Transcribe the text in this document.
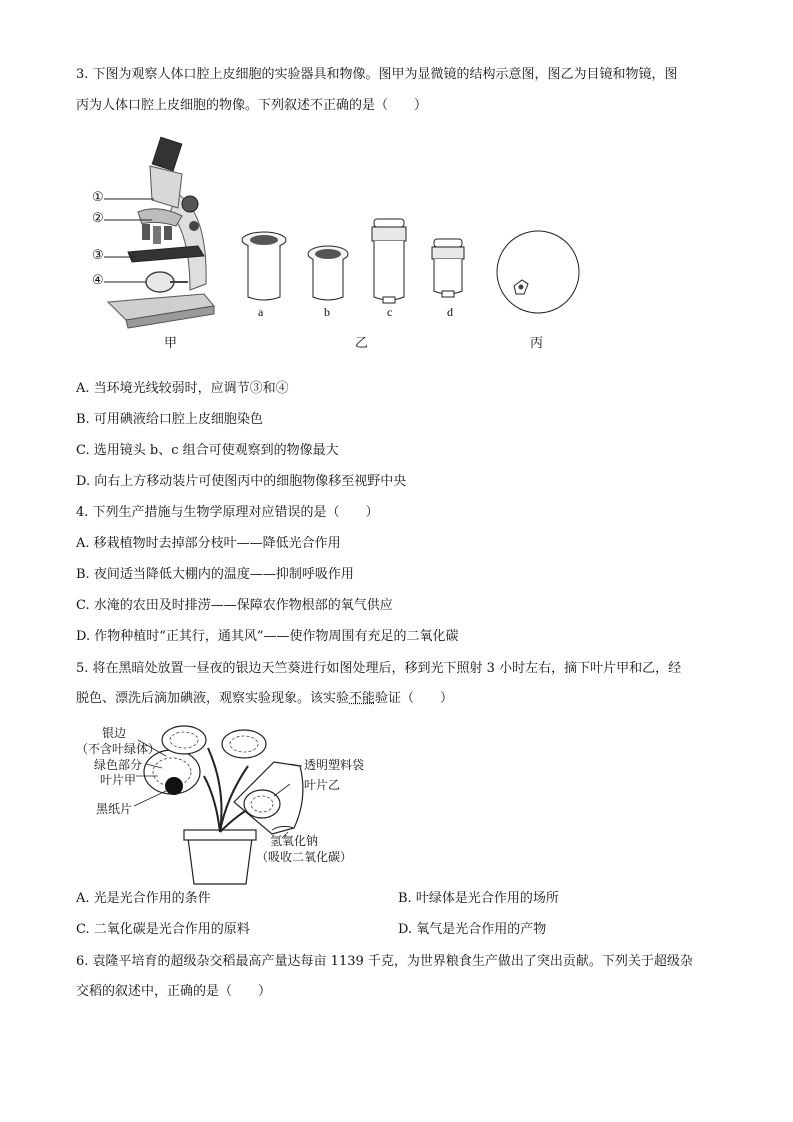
3. 下图为观察人体口腔上皮细胞的实验器具和物像。图甲为显微镜的结构示意图，图乙为目镜和物镜，图
丙为人体口腔上皮细胞的物像。下列叙述不正确的是（　　）
①
②
③
④
甲
a	b	c	d
乙	丙
A. 当环境光线较弱时，应调节③和④
B. 可用碘液给口腔上皮细胞染色
C. 选用镜头 b、c 组合可使观察到的物像最大
D. 向右上方移动装片可使图丙中的细胞物像移至视野中央
4. 下列生产措施与生物学原理对应错误的是（　　）
A. 移栽植物时去掉部分枝叶——降低光合作用
B. 夜间适当降低大棚内的温度——抑制呼吸作用
C. 水淹的农田及时排涝——保障农作物根部的氧气供应
D. 作物种植时“正其行，通其风”——使作物周围有充足的二氧化碳
5. 将在黑暗处放置一昼夜的银边天竺葵进行如图处理后，移到光下照射 3 小时左右，摘下叶片甲和乙，经
脱色、漂洗后滴加碘液，观察实验现象。该实验不能验证（　　）
银边
（不含叶绿体）
绿色部分
叶片甲
黑纸片
透明塑料袋
叶片乙
氢氧化钠
（吸收二氧化碳）
A. 光是光合作用的条件	B. 叶绿体是光合作用的场所
C. 二氧化碳是光合作用的原料	D. 氧气是光合作用的产物
6. 袁隆平培育的超级杂交稻最高产量达每亩 1139 千克，为世界粮食生产做出了突出贡献。下列关于超级杂
交稻的叙述中，正确的是（　　）
